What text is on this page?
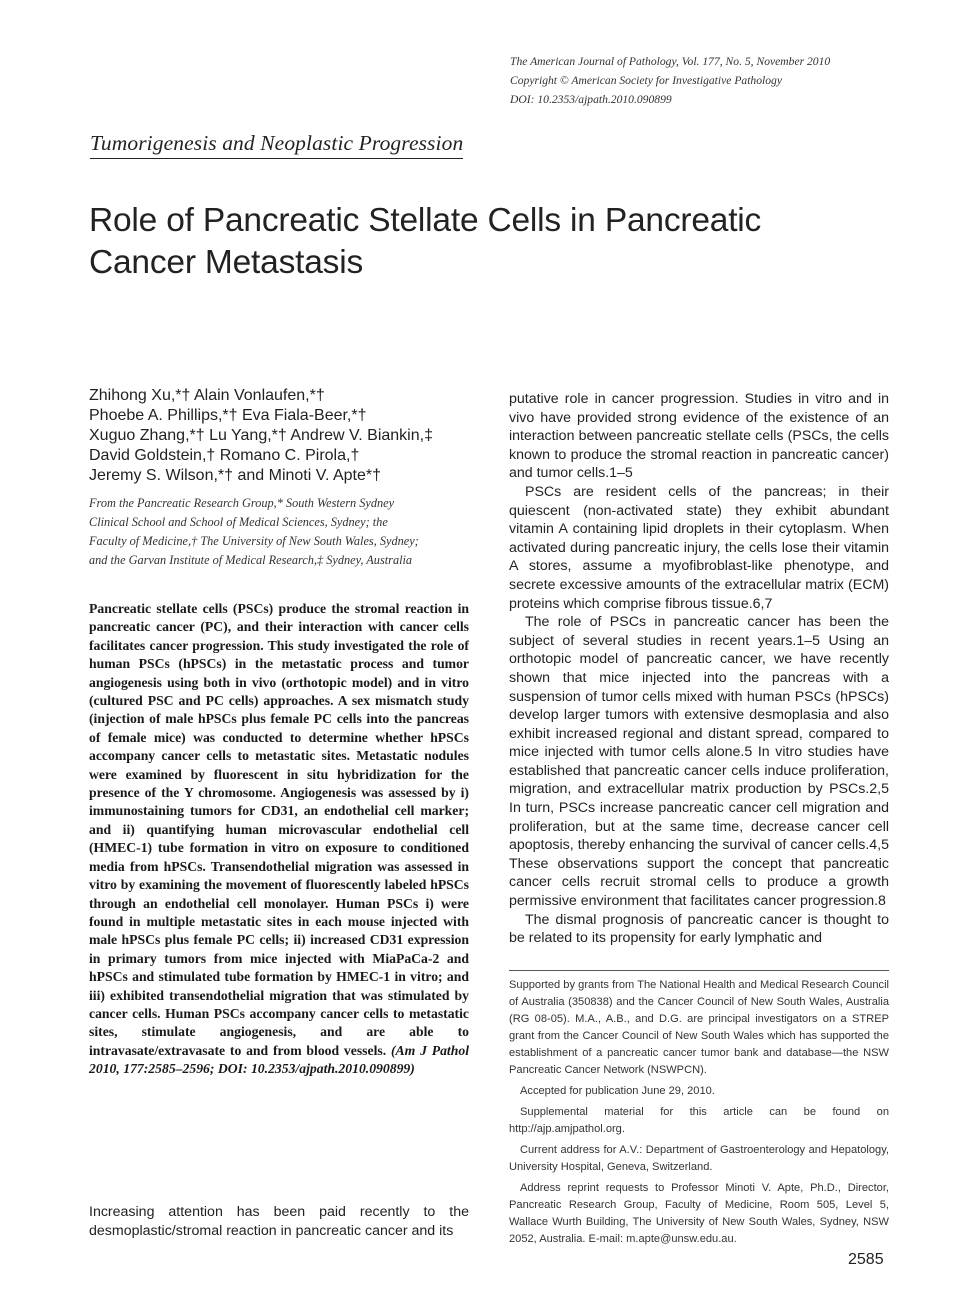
The American Journal of Pathology, Vol. 177, No. 5, November 2010
Copyright © American Society for Investigative Pathology
DOI: 10.2353/ajpath.2010.090899
Tumorigenesis and Neoplastic Progression
Role of Pancreatic Stellate Cells in Pancreatic
Cancer Metastasis
Zhihong Xu,*† Alain Vonlaufen,*†
Phoebe A. Phillips,*† Eva Fiala-Beer,*†
Xuguo Zhang,*† Lu Yang,*† Andrew V. Biankin,‡
David Goldstein,† Romano C. Pirola,†
Jeremy S. Wilson,*† and Minoti V. Apte*†
From the Pancreatic Research Group,* South Western Sydney
Clinical School and School of Medical Sciences, Sydney; the
Faculty of Medicine,† The University of New South Wales, Sydney;
and the Garvan Institute of Medical Research,‡ Sydney, Australia
Pancreatic stellate cells (PSCs) produce the stromal reaction in pancreatic cancer (PC), and their interaction with cancer cells facilitates cancer progression. This study investigated the role of human PSCs (hPSCs) in the metastatic process and tumor angiogenesis using both in vivo (orthotopic model) and in vitro (cultured PSC and PC cells) approaches. A sex mismatch study (injection of male hPSCs plus female PC cells into the pancreas of female mice) was conducted to determine whether hPSCs accompany cancer cells to metastatic sites. Metastatic nodules were examined by fluorescent in situ hybridization for the presence of the Y chromosome. Angiogenesis was assessed by i) immunostaining tumors for CD31, an endothelial cell marker; and ii) quantifying human microvascular endothelial cell (HMEC-1) tube formation in vitro on exposure to conditioned media from hPSCs. Transendothelial migration was assessed in vitro by examining the movement of fluorescently labeled hPSCs through an endothelial cell monolayer. Human PSCs i) were found in multiple metastatic sites in each mouse injected with male hPSCs plus female PC cells; ii) increased CD31 expression in primary tumors from mice injected with MiaPaCa-2 and hPSCs and stimulated tube formation by HMEC-1 in vitro; and iii) exhibited transendothelial migration that was stimulated by cancer cells. Human PSCs accompany cancer cells to metastatic sites, stimulate angiogenesis, and are able to intravasate/extravasate to and from blood vessels. (Am J Pathol 2010, 177:2585–2596; DOI: 10.2353/ajpath.2010.090899)
Increasing attention has been paid recently to the desmoplastic/stromal reaction in pancreatic cancer and its

putative role in cancer progression. Studies in vitro and in vivo have provided strong evidence of the existence of an interaction between pancreatic stellate cells (PSCs, the cells known to produce the stromal reaction in pancreatic cancer) and tumor cells.1–5

PSCs are resident cells of the pancreas; in their quiescent (non-activated state) they exhibit abundant vitamin A containing lipid droplets in their cytoplasm. When activated during pancreatic injury, the cells lose their vitamin A stores, assume a myofibroblast-like phenotype, and secrete excessive amounts of the extracellular matrix (ECM) proteins which comprise fibrous tissue.6,7

The role of PSCs in pancreatic cancer has been the subject of several studies in recent years.1–5 Using an orthotopic model of pancreatic cancer, we have recently shown that mice injected into the pancreas with a suspension of tumor cells mixed with human PSCs (hPSCs) develop larger tumors with extensive desmoplasia and also exhibit increased regional and distant spread, compared to mice injected with tumor cells alone.5 In vitro studies have established that pancreatic cancer cells induce proliferation, migration, and extracellular matrix production by PSCs.2,5 In turn, PSCs increase pancreatic cancer cell migration and proliferation, but at the same time, decrease cancer cell apoptosis, thereby enhancing the survival of cancer cells.4,5 These observations support the concept that pancreatic cancer cells recruit stromal cells to produce a growth permissive environment that facilitates cancer progression.8

The dismal prognosis of pancreatic cancer is thought to be related to its propensity for early lymphatic and

Supported by grants from The National Health and Medical Research Council of Australia (350838) and the Cancer Council of New South Wales, Australia (RG 08-05). M.A., A.B., and D.G. are principal investigators on a STREP grant from the Cancer Council of New South Wales which has supported the establishment of a pancreatic cancer tumor bank and database—the NSW Pancreatic Cancer Network (NSWPCN).

Accepted for publication June 29, 2010.

Supplemental material for this article can be found on http://ajp.amjpathol.org.

Current address for A.V.: Department of Gastroenterology and Hepatology, University Hospital, Geneva, Switzerland.

Address reprint requests to Professor Minoti V. Apte, Ph.D., Director, Pancreatic Research Group, Faculty of Medicine, Room 505, Level 5, Wallace Wurth Building, The University of New South Wales, Sydney, NSW 2052, Australia. E-mail: m.apte@unsw.edu.au.

2585
